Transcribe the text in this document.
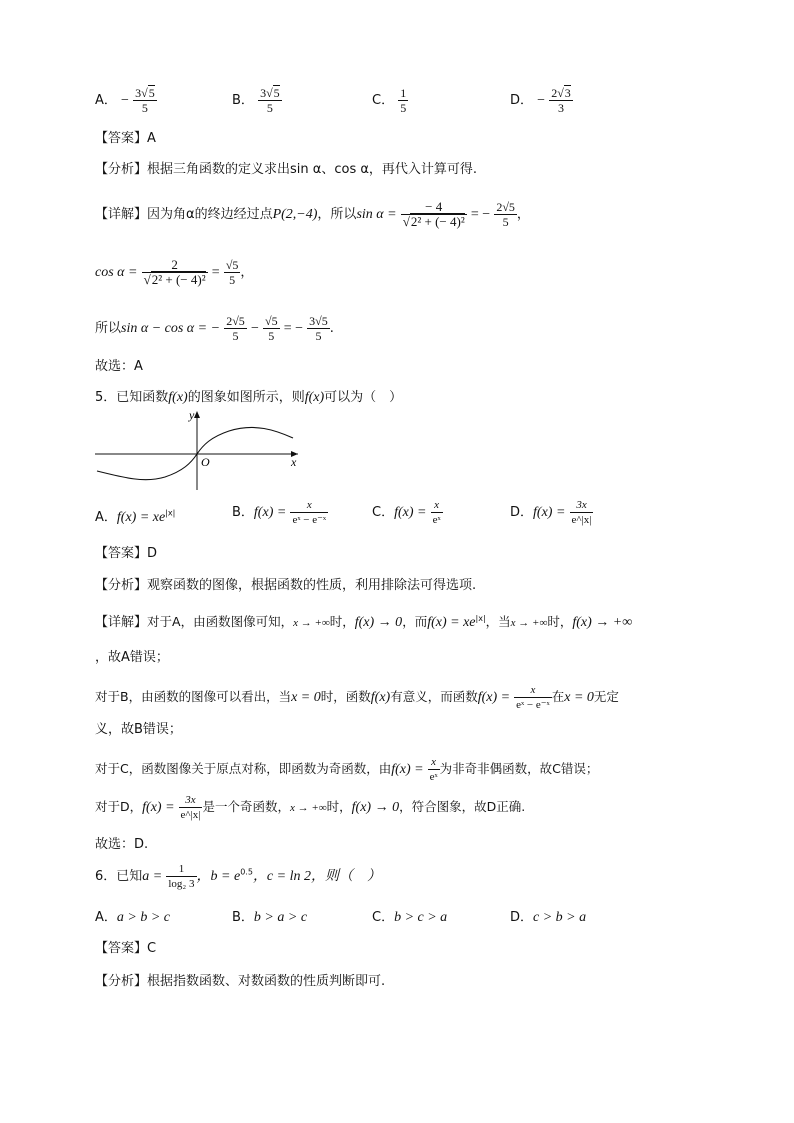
A． − $\frac{3√5}{5}$	B． $\frac{3√5}{5}$	C． $\frac{1}{5}$	D． − $\frac{2√3}{3}$
【答案】A
【分析】根据三角函数的定义求出sin α、cos α，再代入计算可得.
【详解】因为角α的终边经过点P(2,−4)，所以$\sin \alpha = \frac{- 4}{\text{√2² + (− 4)²}}$ = − $\frac{2√5}{5}$ ，
$\cos \alpha = \frac{2}{\text{√2² + (− 4)²}} = \frac{√5}{5}$ ，
所以sin α − cos α = − $\frac{2√5}{5} - \frac{√5}{5}$ = − $\frac{3√5}{5}$ .
故选：A
5．已知函数f(x)的图象如图所示，则f(x)可以为（　）
y
x
O
A．$f(x) = xe^{|x|}$	B．$f(x) = \frac{x}{\text{eˣ − e⁻ˣ}}$	C．$f(x) = \frac{x}{\text{eˣ}}$	D．$f(x) = \frac{3x}{e\^{}|x|}$
【答案】D
【分析】观察函数的图像，根据函数的性质，利用排除法可得选项.
【详解】对于A，由函数图像可知，x → +∞时，f(x) → 0，而$f(x) = xe^{|x|}$，当x → +∞时，f(x) → +∞
，故A错误；
对于B，由函数的图像可以看出，当x = 0时，函数f(x)有意义，而函数$f(x) = \frac{x}{\text{eˣ − e⁻ˣ}}$ 在x = 0无定
义，故B错误；
对于C，函数图像关于原点对称，即函数为奇函数，由$f(x) = \frac{x}{\text{eˣ}}$ 为非奇非偶函数，故C错误；
对于D，$f(x) = \frac{3x}{e\^{}|x|}$ 是一个奇函数，x → +∞时，f(x) → 0，符合图象，故D正确.
故选：D.
6．已知$a = \frac{1}{\text{log₂ 3}}$ ，$b = e^{0.5}$，c = ln 2，则（　）
A．a > b > c	B．b > a > c	C．b > c > a	D．c > b > a
【答案】C
【分析】根据指数函数、对数函数的性质判断即可.
